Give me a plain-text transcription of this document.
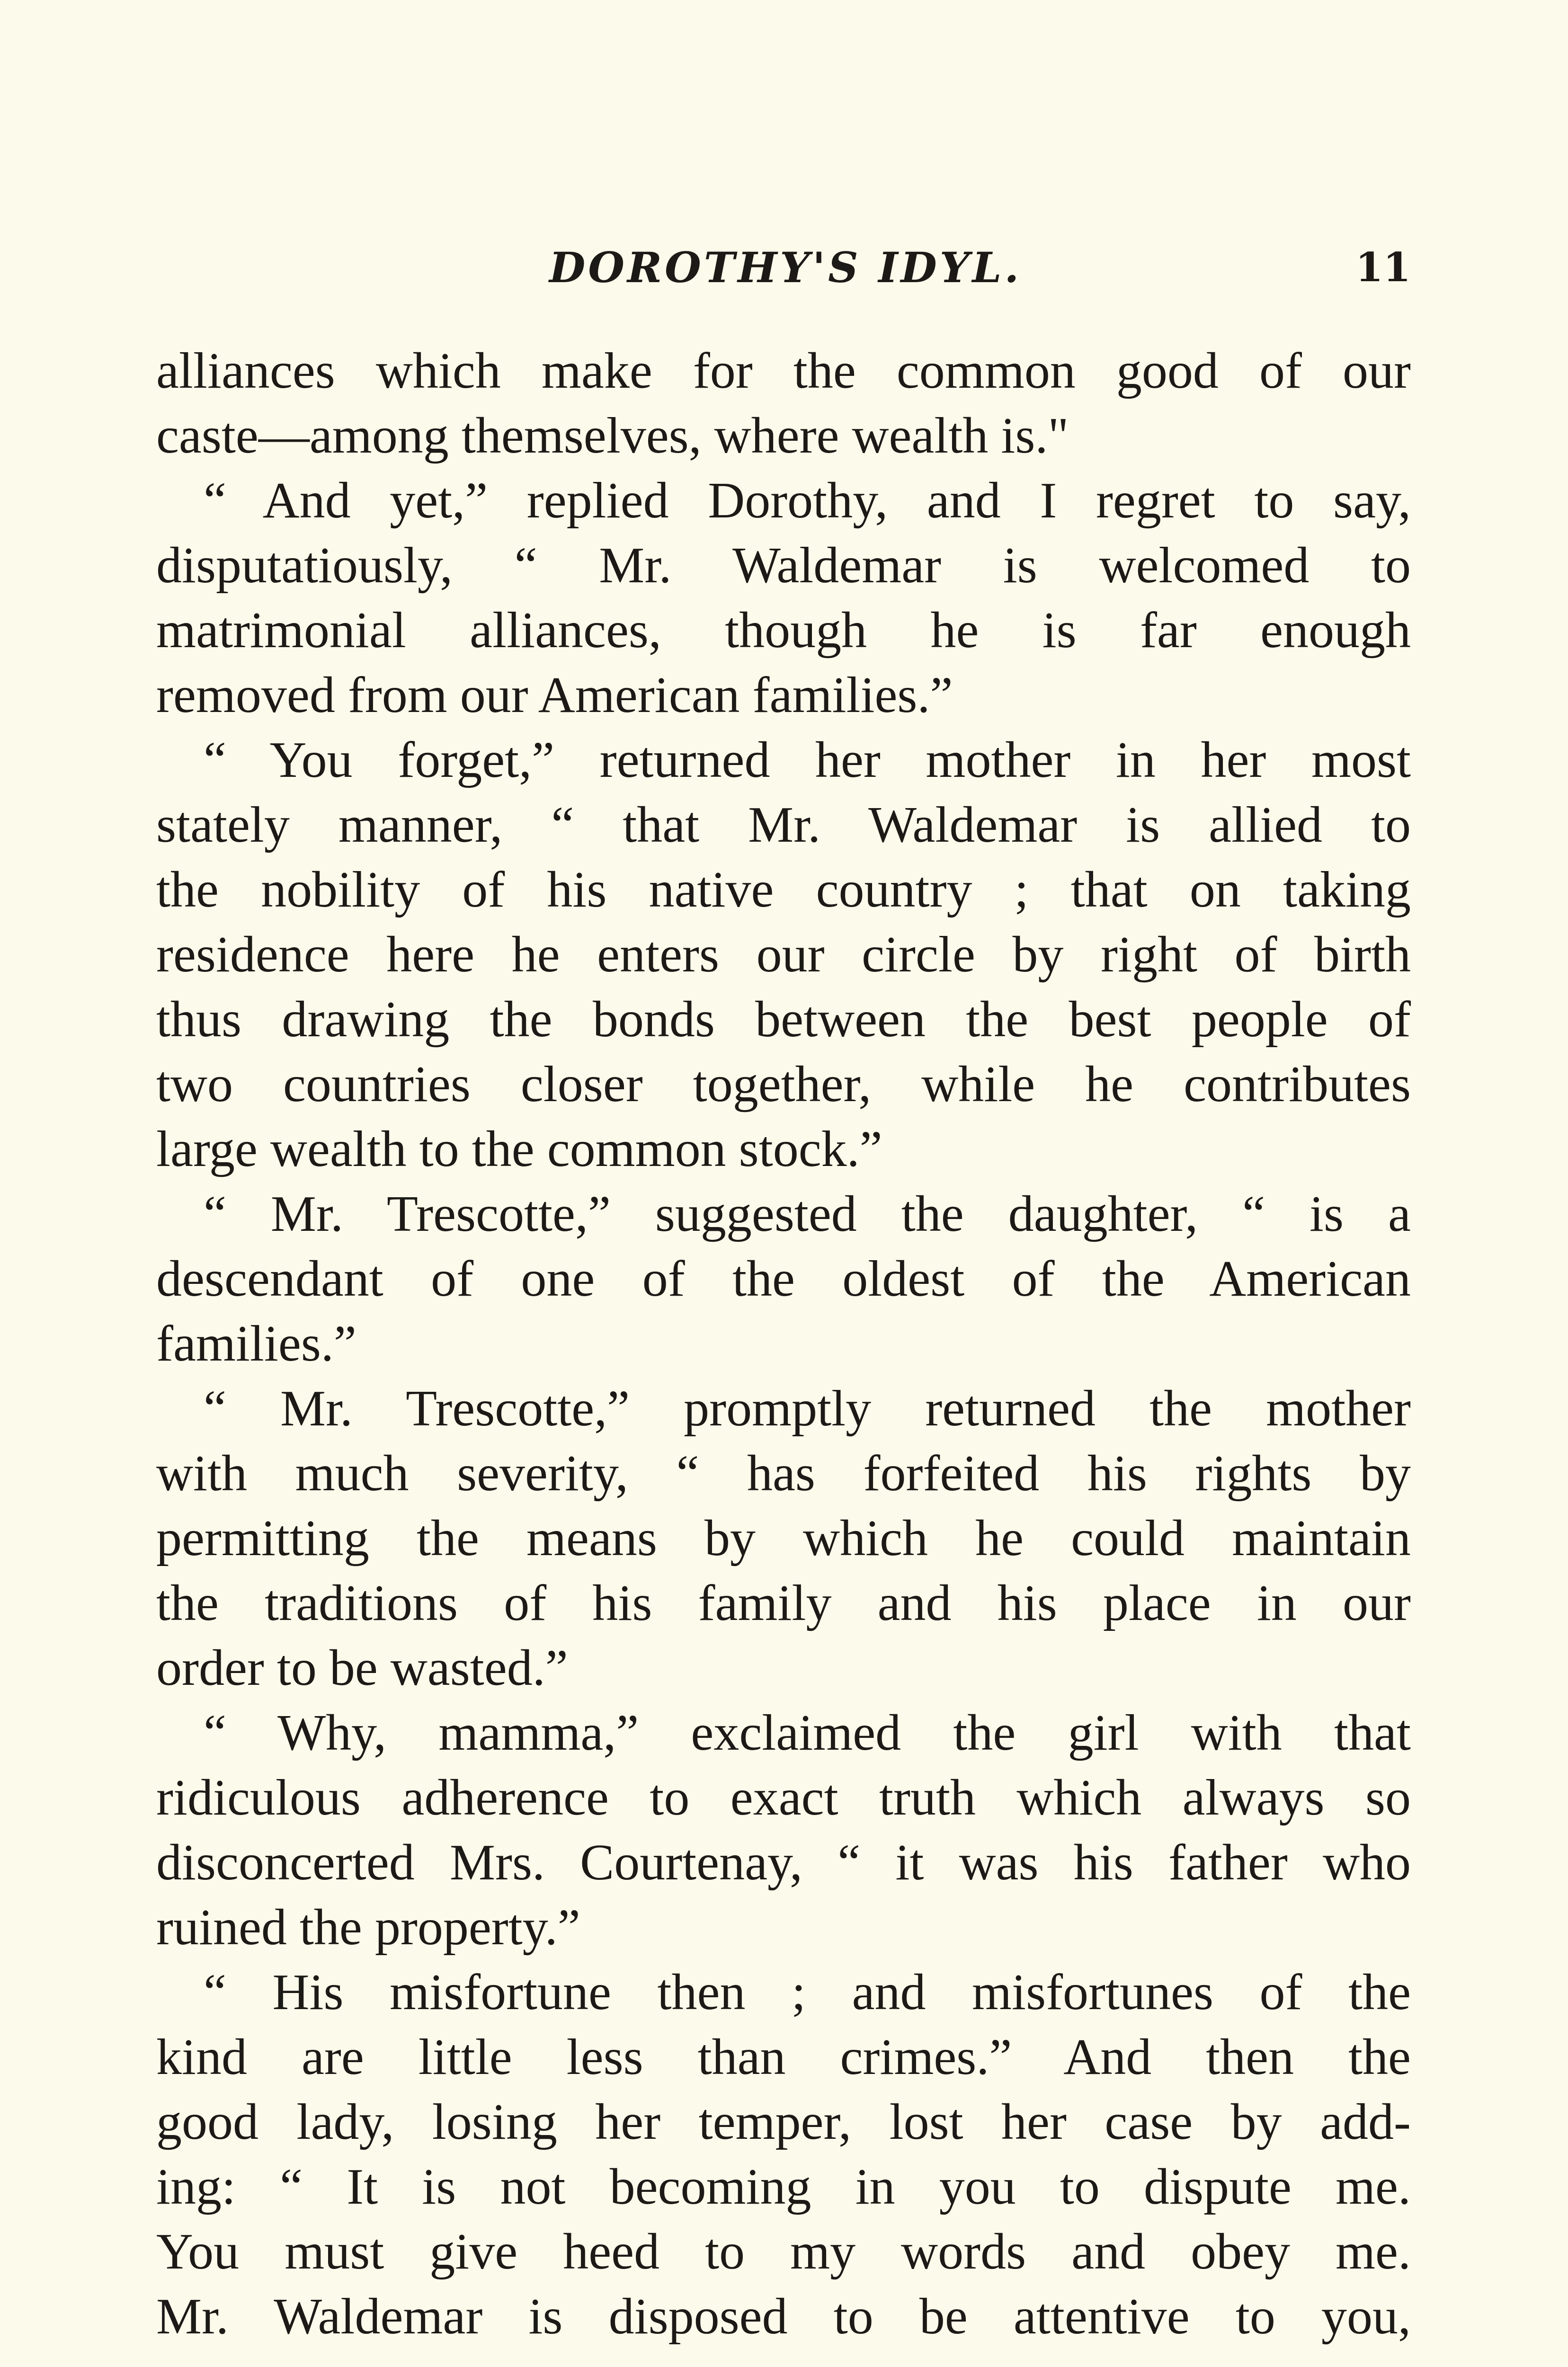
DOROTHY'S IDYL.	11
alliances which make for the common good of our
caste—among themselves, where wealth is."
“ And yet,” replied Dorothy, and I regret to say,
disputatiously, “ Mr. Waldemar is welcomed to
matrimonial alliances, though he is far enough
removed from our American families.”
“ You forget,” returned her mother in her most
stately manner, “ that Mr. Waldemar is allied to
the nobility of his native country ; that on taking
residence here he enters our circle by right of birth
thus drawing the bonds between the best people of
two countries closer together, while he contributes
large wealth to the common stock.”
“ Mr. Trescotte,” suggested the daughter, “ is a
descendant of one of the oldest of the American
families.”
“ Mr. Trescotte,” promptly returned the mother
with much severity, “ has forfeited his rights by
permitting the means by which he could maintain
the traditions of his family and his place in our
order to be wasted.”
“ Why, mamma,” exclaimed the girl with that
ridiculous adherence to exact truth which always so
disconcerted Mrs. Courtenay, “ it was his father who
ruined the property.”
“ His misfortune then ; and misfortunes of the
kind are little less than crimes.” And then the
good lady, losing her temper, lost her case by add-
ing: “ It is not becoming in you to dispute me.
You must give heed to my words and obey me.
Mr. Waldemar is disposed to be attentive to you,
